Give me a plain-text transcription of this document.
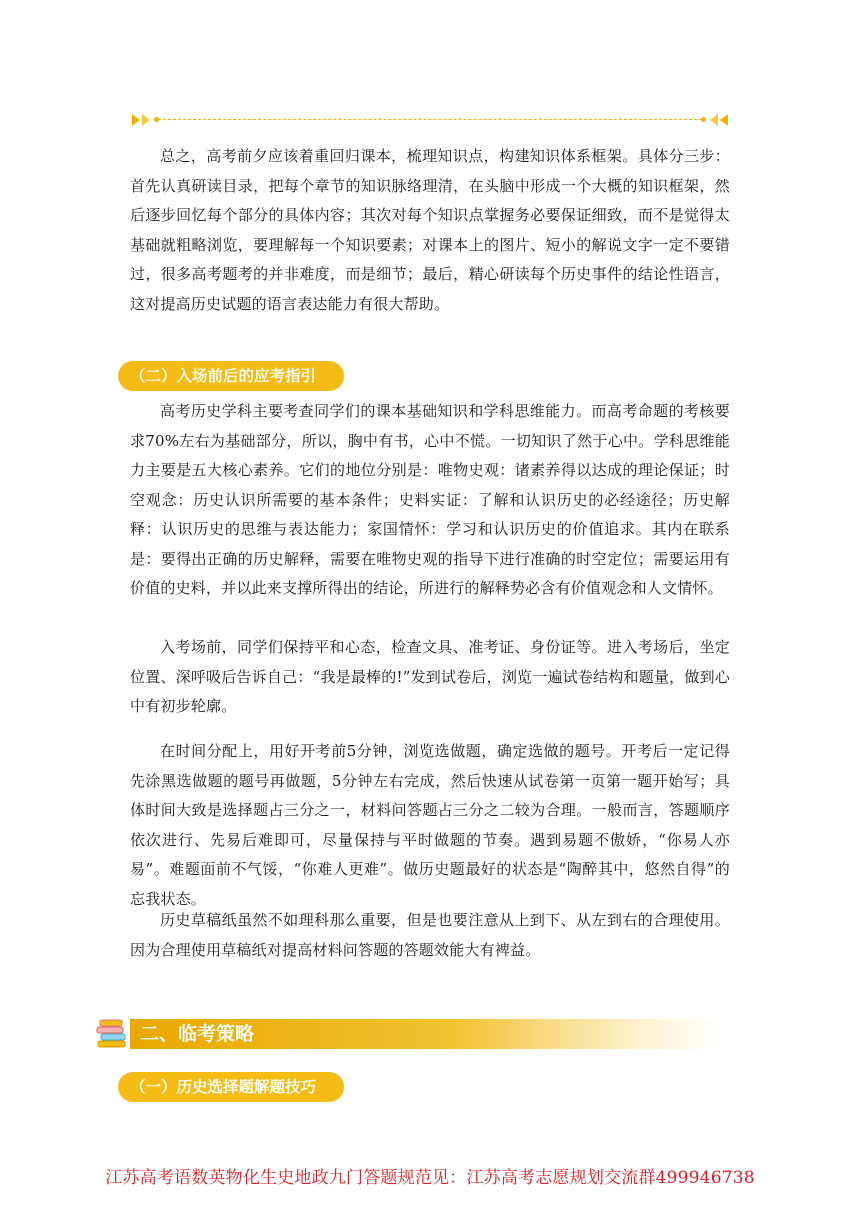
总之，高考前夕应该着重回归课本，梳理知识点，构建知识体系框架。具体分三步：首先认真研读目录，把每个章节的知识脉络理清，在头脑中形成一个大概的知识框架，然后逐步回忆每个部分的具体内容；其次对每个知识点掌握务必要保证细致，而不是觉得太基础就粗略浏览，要理解每一个知识要素；对课本上的图片、短小的解说文字一定不要错过，很多高考题考的并非难度，而是细节；最后，精心研读每个历史事件的结论性语言，这对提高历史试题的语言表达能力有很大帮助。

（二）入场前后的应考指引

高考历史学科主要考查同学们的课本基础知识和学科思维能力。而高考命题的考核要求70%左右为基础部分，所以，胸中有书，心中不慌。一切知识了然于心中。学科思维能力主要是五大核心素养。它们的地位分别是：唯物史观：诸素养得以达成的理论保证；时空观念：历史认识所需要的基本条件；史料实证：了解和认识历史的必经途径；历史解释：认识历史的思维与表达能力；家国情怀：学习和认识历史的价值追求。其内在联系是：要得出正确的历史解释，需要在唯物史观的指导下进行准确的时空定位；需要运用有价值的史料，并以此来支撑所得出的结论，所进行的解释势必含有价值观念和人文情怀。

入考场前，同学们保持平和心态，检查文具、准考证、身份证等。进入考场后，坐定位置、深呼吸后告诉自己：“我是最棒的!”发到试卷后，浏览一遍试卷结构和题量，做到心中有初步轮廓。

在时间分配上，用好开考前5分钟，浏览选做题，确定选做的题号。开考后一定记得先涂黑选做题的题号再做题，5分钟左右完成，然后快速从试卷第一页第一题开始写；具体时间大致是选择题占三分之一，材料问答题占三分之二较为合理。一般而言，答题顺序依次进行、先易后难即可，尽量保持与平时做题的节奏。遇到易题不傲娇，“你易人亦易”。难题面前不气馁，“你难人更难”。做历史题最好的状态是“陶醉其中，悠然自得”的忘我状态。

历史草稿纸虽然不如理科那么重要，但是也要注意从上到下、从左到右的合理使用。因为合理使用草稿纸对提高材料问答题的答题效能大有裨益。

二、临考策略
（一）历史选择题解题技巧
江苏高考语数英物化生史地政九门答题规范见：江苏高考志愿规划交流群499946738
